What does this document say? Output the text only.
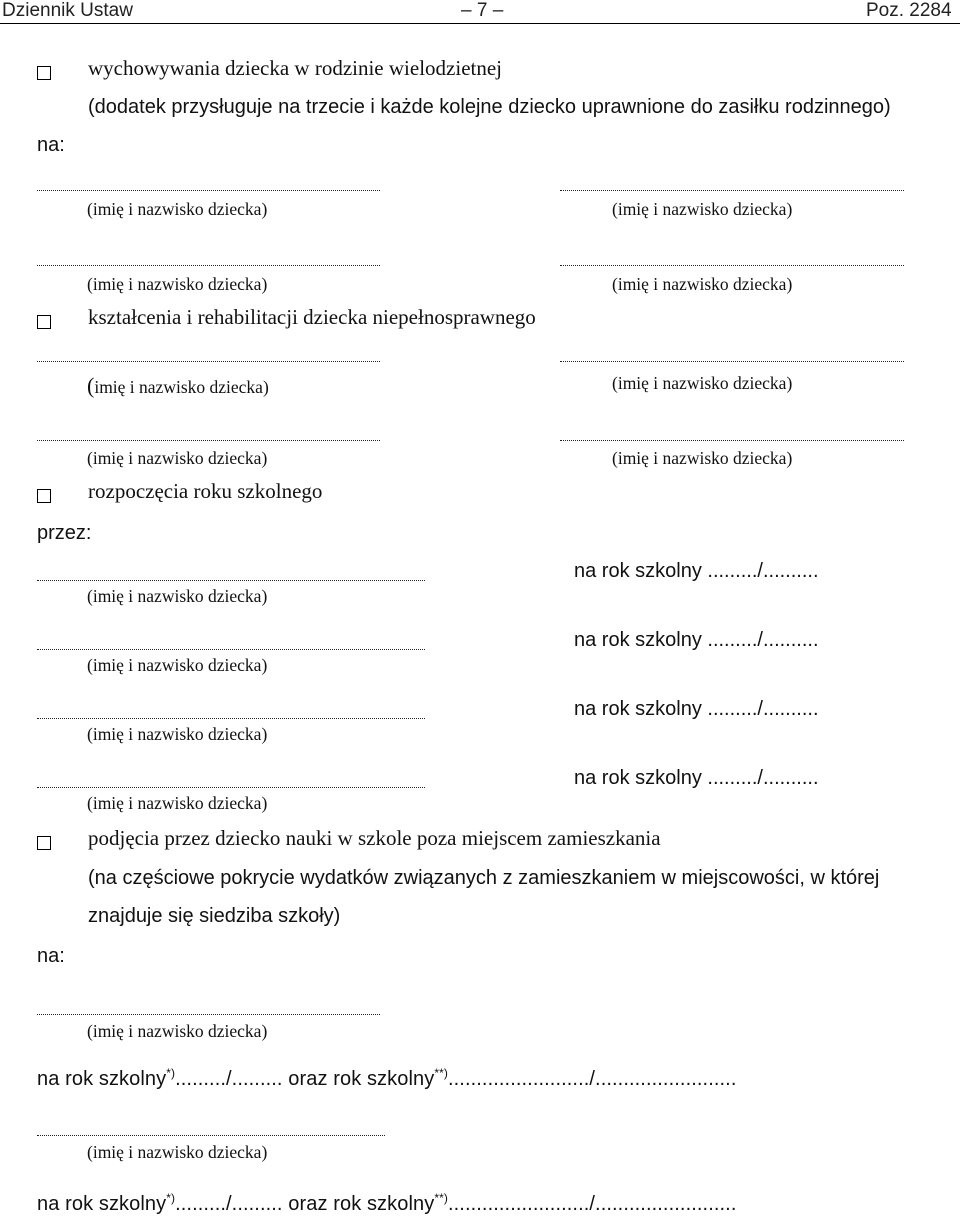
Dziennik Ustaw	– 7 –	Poz. 2284
wychowywania dziecka w rodzinie wielodzietnej
(dodatek przysługuje na trzecie i każde kolejne dziecko uprawnione do zasiłku rodzinnego)
na:
(imię i nazwisko dziecka)	(imię i nazwisko dziecka)
(imię i nazwisko dziecka)	(imię i nazwisko dziecka)
kształcenia i rehabilitacji dziecka niepełnosprawnego
(imię i nazwisko dziecka)	(imię i nazwisko dziecka)
(imię i nazwisko dziecka)	(imię i nazwisko dziecka)
rozpoczęcia roku szkolnego
przez:
(imię i nazwisko dziecka)
na rok szkolny ........./..........
(imię i nazwisko dziecka)
na rok szkolny ........./..........
(imię i nazwisko dziecka)
na rok szkolny ........./..........
(imię i nazwisko dziecka)
na rok szkolny ........./..........
podjęcia przez dziecko nauki w szkole poza miejscem zamieszkania
(na częściowe pokrycie wydatków związanych z zamieszkaniem w miejscowości, w której
znajduje się siedziba szkoły)
na:
(imię i nazwisko dziecka)
na rok szkolny*)........./......... oraz rok szkolny**)........................./.........................
(imię i nazwisko dziecka)
na rok szkolny*)........./......... oraz rok szkolny**)........................./.........................
